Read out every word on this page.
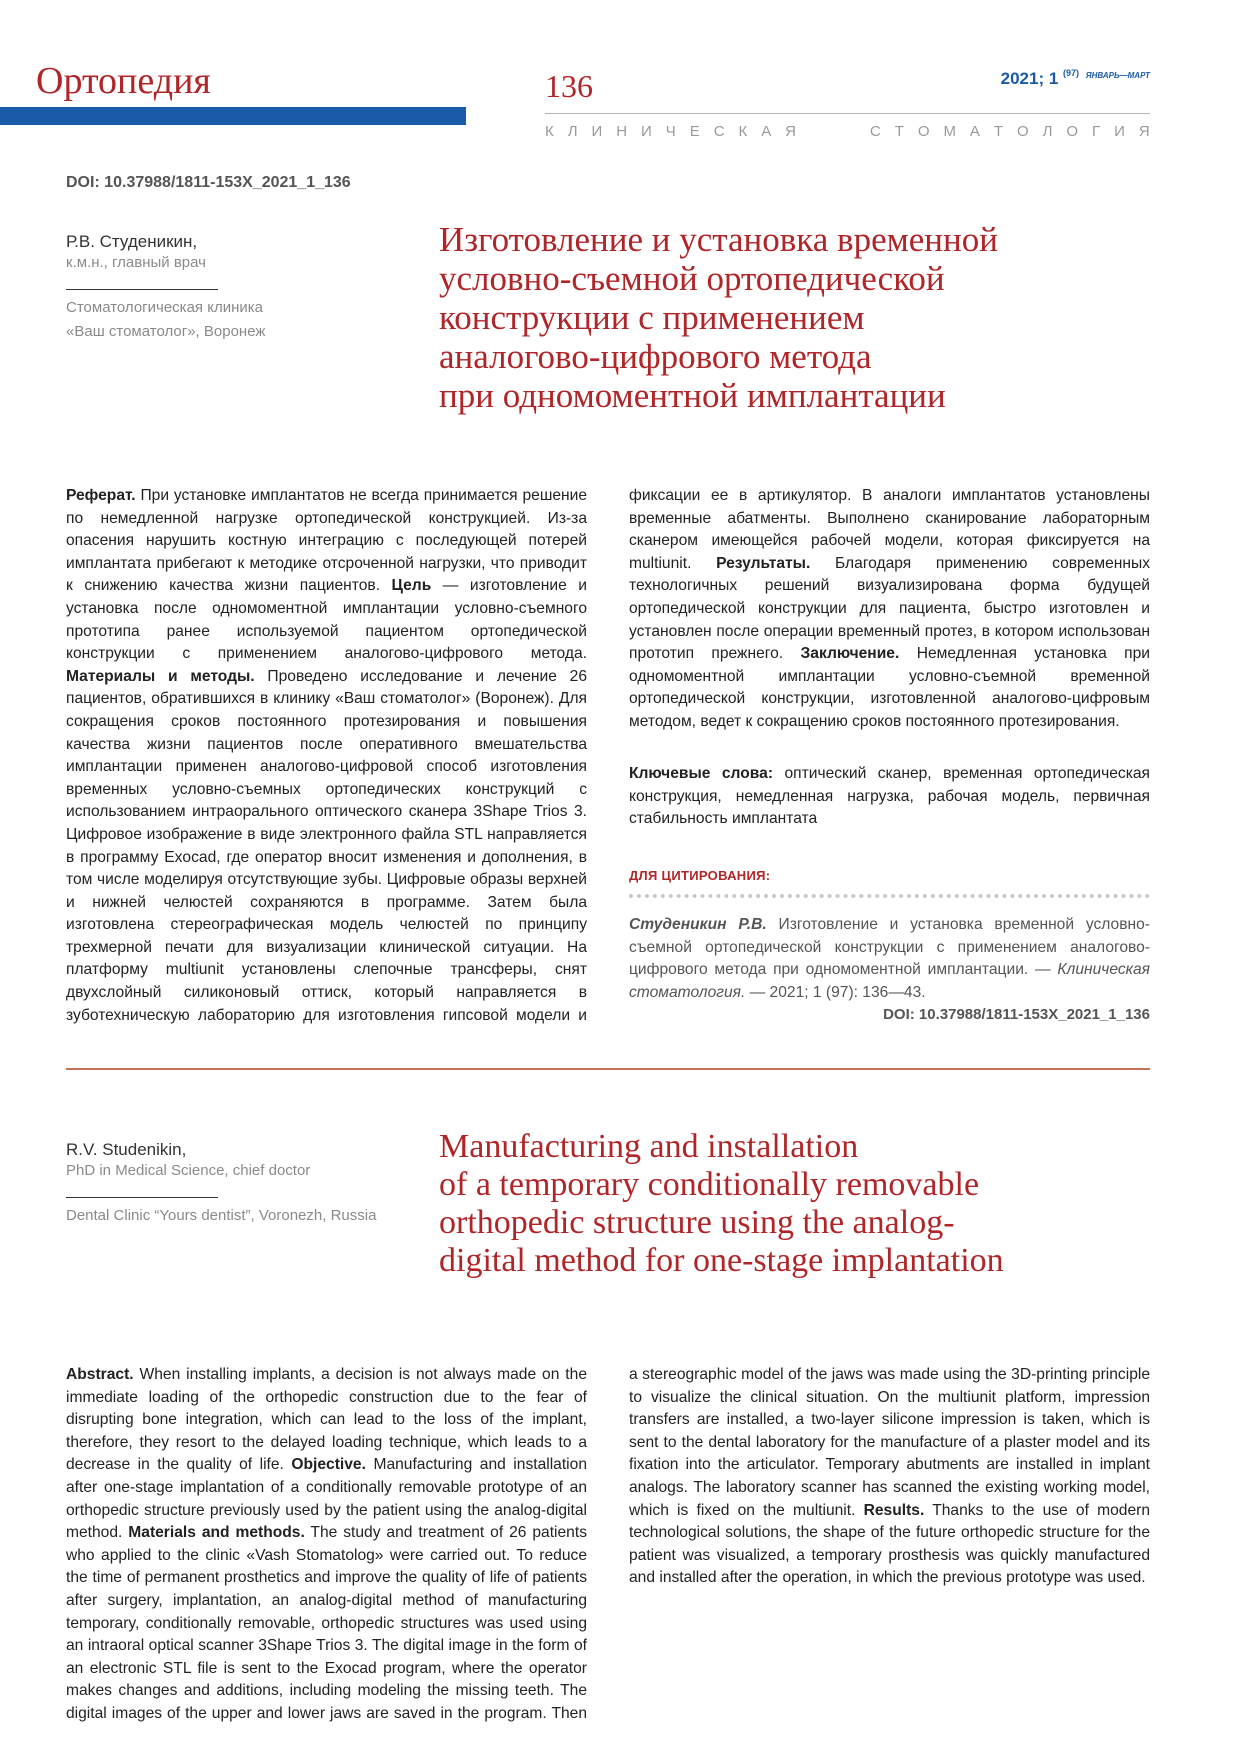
Ортопедия	136	2021; 1 $^{(97)}$ $^{ЯНВАРЬ—МАРТ}$
К Л И Н И Ч Е С К А Я	С Т О М А Т О Л О Г И Я
DOI: 10.37988/1811-153X_2021_1_136
Р.В. Студеникин,
к.м.н., главный врач
Стоматологическая клиника
«Ваш стоматолог», Воронеж
Изготовление и установка временной
условно-съемной ортопедической
конструкции с применением
аналогово-цифрового метода
при одномоментной имплантации

Реферат. При установке имплантатов не всегда принимается решение по немедленной нагрузке ортопедической конструкцией. Из-за опасения нарушить костную интеграцию с последующей потерей имплантата прибегают к методике отсроченной нагрузки, что приводит к снижению качества жизни пациентов. Цель — изготовление и установка после одномоментной имплантации условно-съемного прототипа ранее используемой пациентом ортопедической конструкции с применением аналогово-цифрового метода. Материалы и методы. Проведено исследование и лечение 26 пациентов, обратившихся в клинику «Ваш стоматолог» (Воронеж). Для сокращения сроков постоянного протезирования и повышения качества жизни пациентов после оперативного вмешательства имплантации применен аналогово-цифровой способ изготовления временных условно-съемных ортопедических конструкций с использованием интраорального оптического сканера 3Shape Trios 3. Цифровое изображение в виде электронного файла STL направляется в программу Exocad, где оператор вносит изменения и дополнения, в том числе моделируя отсутствующие зубы. Цифровые образы верхней и нижней челюстей сохраняются в программе. Затем была изготовлена стереографическая модель челюстей по принципу трехмерной печати для визуализации клинической ситуации. На платформу multiunit установлены слепочные трансферы, снят двухслойный силиконовый оттиск, который направляется в зуботехническую лабораторию для изготовления гипсовой модели и фиксации ее в артикулятор. В аналоги имплантатов установлены временные абатменты. Выполнено сканирование лабораторным сканером имеющейся рабочей модели, которая фиксируется на multiunit. Результаты. Благодаря применению современных технологичных решений визуализирована форма будущей ортопедической конструкции для пациента, быстро изготовлен и установлен после операции временный протез, в котором использован прототип прежнего. Заключение. Немедленная установка при одномоментной имплантации условно-съемной временной ортопедической конструкции, изготовленной аналогово-цифровым методом, ведет к сокращению сроков постоянного протезирования.

Ключевые слова: оптический сканер, временная ортопедическая конструкция, немедленная нагрузка, рабочая модель, первичная стабильность имплантата
ДЛЯ ЦИТИРОВАНИЯ:
Студеникин Р.В. Изготовление и установка временной условно-съемной ортопедической конструкции с применением аналогово-цифрового метода при одномоментной имплантации. — Клиническая стоматология. — 2021; 1 (97): 136—43.
DOI: 10.37988/1811-153X_2021_1_136
R.V. Studenikin,
PhD in Medical Science, chief doctor
Dental Clinic “Yours dentist”, Voronezh, Russia
Manufacturing and installation
of a temporary conditionally removable
orthopedic structure using the analog-
digital method for one-stage implantation

Abstract. When installing implants, a decision is not always made on the immediate loading of the orthopedic construction due to the fear of disrupting bone integration, which can lead to the loss of the implant, therefore, they resort to the delayed loading technique, which leads to a decrease in the quality of life. Objective. Manufacturing and installation after one-stage implantation of a conditionally removable prototype of an orthopedic structure previously used by the patient using the analog-digital method. Materials and methods. The study and treatment of 26 patients who applied to the clinic «Vash Stomatolog» were carried out. To reduce the time of permanent prosthetics and improve the quality of life of patients after surgery, implantation, an analog-digital method of manufacturing temporary, conditionally removable, orthopedic structures was used using an intraoral optical scanner 3Shape Trios 3. The digital image in the form of an electronic STL file is sent to the Exocad program, where the operator makes changes and additions, including modeling the missing teeth. The digital images of the upper and lower jaws are saved in the program. Then a stereographic model of the jaws was made using the 3D-printing principle to visualize the clinical situation. On the multiunit platform, impression transfers are installed, a two-layer silicone impression is taken, which is sent to the dental laboratory for the manufacture of a plaster model and its fixation into the articulator. Temporary abutments are installed in implant analogs. The laboratory scanner has scanned the existing working model, which is fixed on the multiunit. Results. Thanks to the use of modern technological solutions, the shape of the future orthopedic structure for the patient was visualized, a temporary prosthesis was quickly manufactured and installed after the operation, in which the previous prototype was used.
